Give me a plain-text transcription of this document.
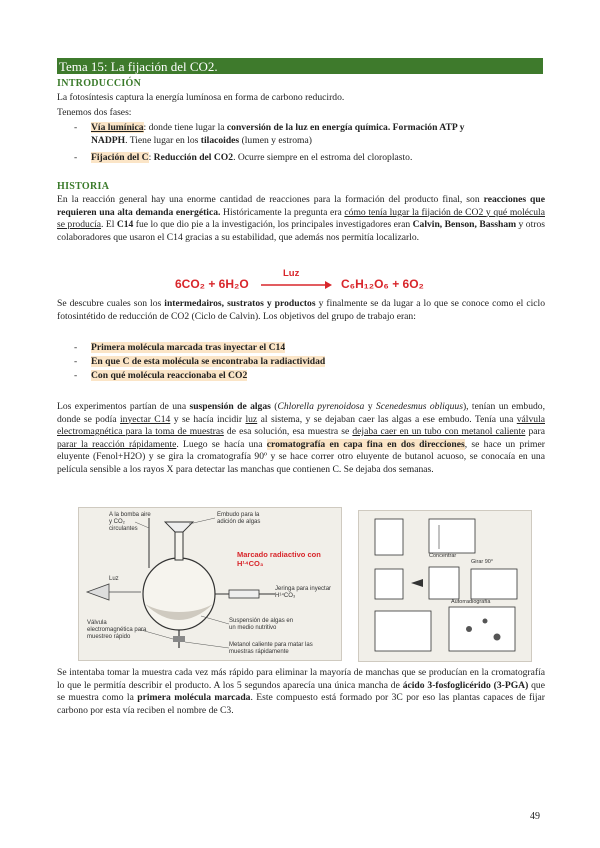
Tema 15: La fijación del CO2.
INTRODUCCIÓN
La fotosíntesis captura la energía lumínosa en forma de carbono reducirdo.
Tenemos dos fases:
- Vía lumínica: donde tiene lugar la conversión de la luz en energía química. Formación ATP y
NADPH. Tiene lugar en los tilacoides (lumen y estroma)
- Fijación del C: Reducción del CO2. Ocurre siempre en el estroma del cloroplasto.
HISTORIA
En la reacción general hay una enorme cantidad de reacciones para la formación del producto final, son reacciones que requieren una alta demanda energética. Históricamente la pregunta era cómo tenía lugar la fijación de CO2 y qué molécula se producía. El C14 fue lo que dio pie a la investigación, los principales investigadores eran Calvin, Benson, Bassham y otros colaboradores que usaron el C14 gracias a su estabilidad, que además nos permitía localizarlo.
6CO₂ + 6H₂O
Luz
C₆H₁₂O₆ + 6O₂
Se descubre cuales son los intermedairos, sustratos y productos y finalmente se da lugar a lo que se conoce como el ciclo fotosintétido de reducción de CO2 (Ciclo de Calvin). Los objetivos del grupo de trabajo eran:
- Primera molécula marcada tras inyectar el C14
- En que C de esta molécula se encontraba la radiactividad
- Con qué molécula reaccionaba el CO2
Los experimentos partían de una suspensión de algas (Chlorella pyrenoidosa y Scenedesmus obliquus), tenían un embudo, donde se podía inyectar C14 y se hacía incidir luz al sistema, y se dejaban caer las algas a ese embudo. Tenía una válvula electromagnética para la toma de muestras de esa solución, esa muestra se dejaba caer en un tubo con metanol caliente para parar la reacción rápidamente. Luego se hacía una cromatografía en capa fina en dos direcciones, se hace un primer eluyente (Fenol+H2O) y se gira la cromatografía 90º y se hace correr otro eluyente de butanol acuoso, se conocaía en una película sensible a los rayos X para detectar las manchas que contienen C. Se dejaba dos semanas.
A la bomba aire y CO₂ circulantes
Embudo para la adición de algas
Marcado radiactivo con H¹⁴CO₃
Luz
Jeringa para inyectar H¹⁴CO₃
Válvula electromagnética para muestreo rápido
Suspensión de algas en un medio nutritivo
Metanol caliente para matar las muestras rápidamente
Concentrar
Girar 90°
Autorradiografía
Se intentaba tomar la muestra cada vez más rápido para eliminar la mayoría de manchas que se producían en la cromatografía lo que le permitía describir el producto. A los 5 segundos aparecía una única mancha de ácido 3-fosfoglicérido (3-PGA) que se muestra como la primera molécula marcada. Este compuesto está formado por 3C por eso las plantas capaces de fijar carbono por esta vía reciben el nombre de C3.
49
